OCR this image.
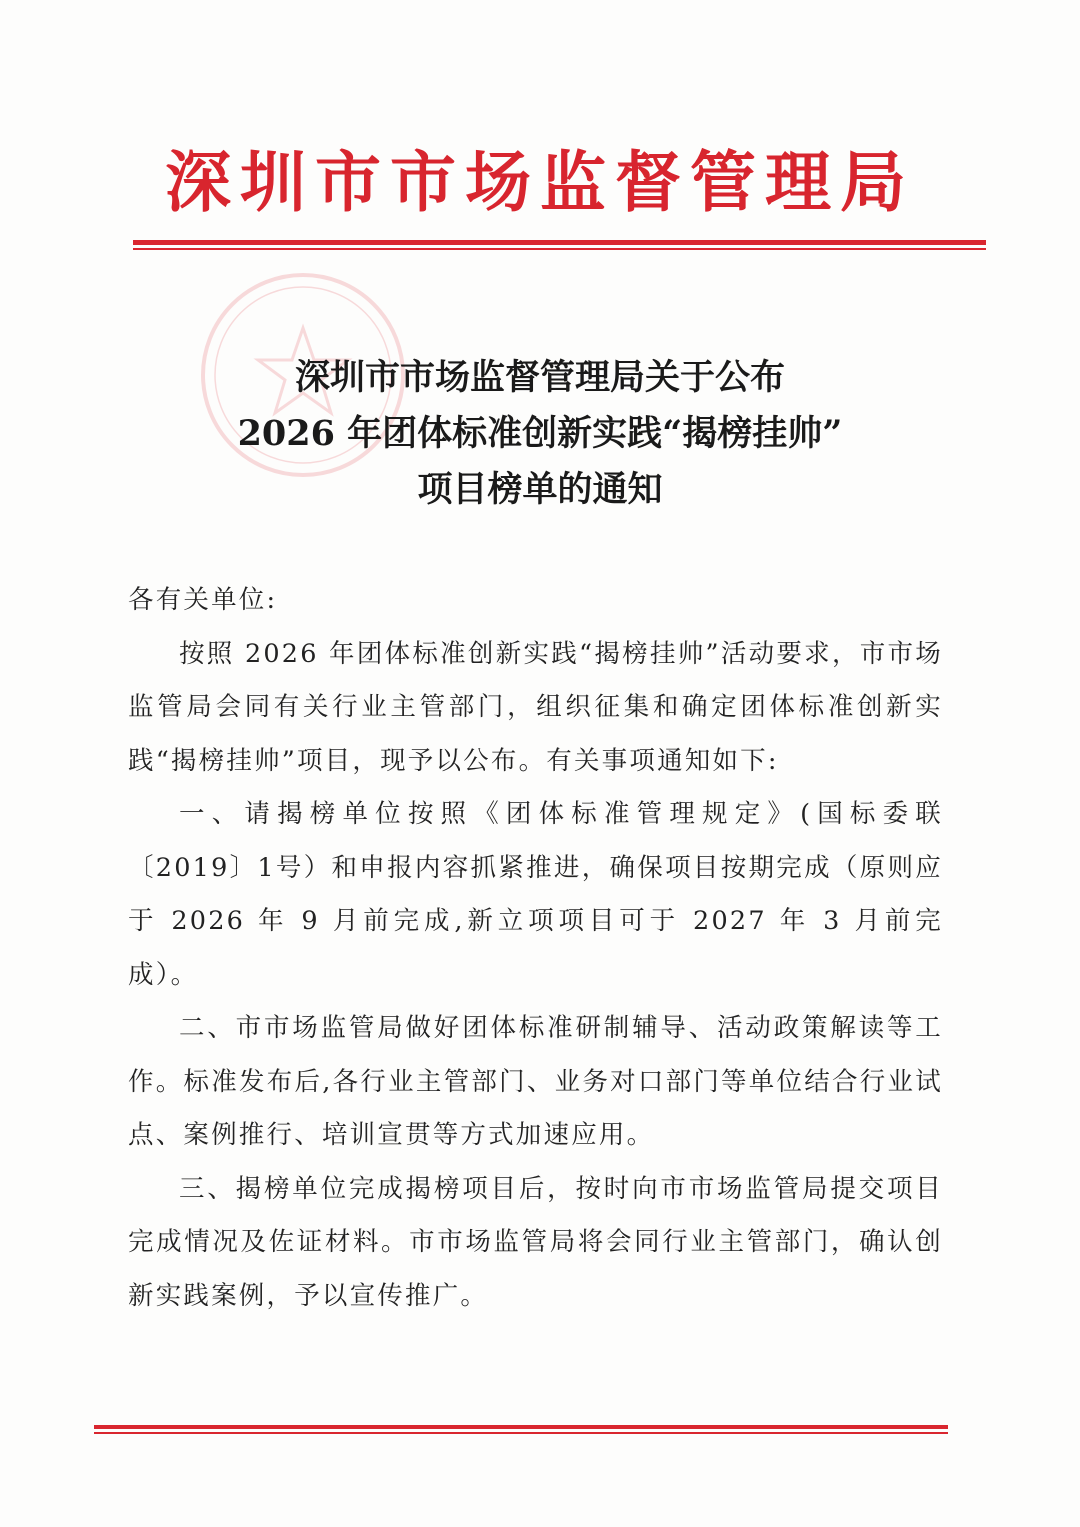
深圳市市场监督管理局
深圳市市场监督管理局关于公布
2026 年团体标准创新实践“揭榜挂帅”
项目榜单的通知

各有关单位:

按照 2026 年团体标准创新实践“揭榜挂帅”活动要求，市市场监管局会同有关行业主管部门，组织征集和确定团体标准创新实践“揭榜挂帅”项目，现予以公布。有关事项通知如下:

一、请揭榜单位按照《团体标准管理规定》(国标委联〔2019〕1号）和申报内容抓紧推进，确保项目按期完成（原则应于 2026 年 9 月前完成,新立项项目可于 2027 年 3 月前完成）。

二、市市场监管局做好团体标准研制辅导、活动政策解读等工作。标准发布后,各行业主管部门、业务对口部门等单位结合行业试点、案例推行、培训宣贯等方式加速应用。

三、揭榜单位完成揭榜项目后，按时向市市场监管局提交项目完成情况及佐证材料。市市场监管局将会同行业主管部门，确认创新实践案例，予以宣传推广。
